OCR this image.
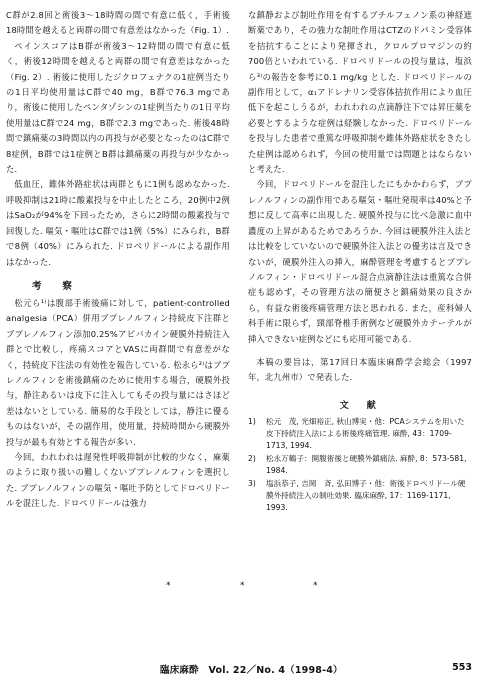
C群が2.8回と術後3～18時間の間で有意に低く，手術後18時間を越えると両群の間で有意差はなかった（Fig. 1）.

ペインスコアはB群が術後3～12時間の間で有意に低く，術後12時間を越えると両群の間で有意差はなかった（Fig. 2）. 術後に使用したジクロフェナクの1症例当たりの1日平均使用量はC群で40 mg，B群で76.3 mgであり，術後に使用したペンタゾシンの1症例当たりの1日平均使用量はC群で24 mg，B群で2.3 mgであった. 術後48時間で鎮痛薬の3時間以内の再投与が必要となったのはC群で8症例，B群では1症例とB群は鎮痛薬の再投与が少なかった.

低血圧，錐体外路症状は両群ともに1例も認めなかった. 呼吸抑制は21時に酸素投与を中止したところ，20例中2例はSaO₂が94%を下回ったため，さらに2時間の酸素投与で回復した. 嘔気・嘔吐はC群では1例（5%）にみられ，B群で8例（40%）にみられた. ドロペリドールによる副作用はなかった.

考　察

松元ら¹⁾は腹部手術後痛に対して，patient-controlled analgesia（PCA）併用ブプレノルフィン持続皮下注群とブプレノルフィン添加0.25%アピバカイン硬膜外持続注入群とで比較し，疼痛スコアとVASに両群間で有意差がなく，持続皮下注法の有効性を報告している. 松永ら²⁾はブプレノルフィンを術後鎮痛のために使用する場合，硬膜外投与，静注あるいは皮下に注入してもその投与量にはさほど差はないとしている. 簡易的な手段としては，静注に優るものはないが，その副作用，使用量，持続時間から硬膜外投与が最も有効とする報告が多い.

今回，われわれは遅発性呼吸抑制が比較的少なく，麻薬のように取り扱いの難しくないブプレノルフィンを選択した. ブプレノルフィンの嘔気・嘔吐予防としてドロペリドールを混注した. ドロペリドールは強力

な鎮静および制吐作用を有するブチルフェノン系の神経遮断薬であり，その強力な制吐作用はCTZのドパミン受容体を拮抗することにより発揮され，クロルプロマジンの約700倍といわれている. ドロペリドールの投与量は，塩浜ら³⁾の報告を参考に0.1 mg/kg とした. ドロペリドールの副作用として，α₁アドレナリン受容体拮抗作用により血圧低下を起こしうるが，われわれの点滴静注下では昇圧薬を必要とするような症例は経験しなかった. ドロペリドールを投与した患者で重篤な呼吸抑制や錐体外路症状をきたした症例は認められず，今回の使用量では問題とはならないと考えた.

今回，ドロペリドールを混注したにもかかわらず，ブプレノルフィンの副作用である嘔気・嘔吐発現率は40%と予想に反して高率に出現した. 硬膜外投与に比べ急激に血中濃度の上昇があるためであろうか. 今回は硬膜外注入法とは比較をしていないので硬膜外注入法との優劣は言及できないが，硬膜外注入の挿入，麻酔管理を考慮するとブプレノルフィン・ドロペリドール混合点滴静注法は重篤な合併症も認めず，その管理方法の簡便さと鎮痛効果の良さから，有益な術後疼痛管理方法と思われる. また，産科婦人科手術に限らず，頸部脊椎手術例など硬膜外カテーテルが挿入できない症例などにも応用可能である.

本稿の要旨は，第17回日本臨床麻酔学会総会（1997年，北九州市）で発表した.

文　献
1)	松元　茂, 光畑裕正, 秋山博実・他：PCAシステムを用いた皮下持続注入法による術後疼痛管理. 麻酔, 43：1709-1713, 1994.
2)	松永万鶴子：開腹術後と硬膜外鎮痛法. 麻酔, 8：573-581, 1984.
3)	塩浜恭子, 吉岡　斉, 弘田博子・他：術後ドロペリドール硬膜外持続注入の制吐効果. 臨床麻酔, 17：1169-1171, 1993.
*	*	*
臨床麻酔　Vol. 22／No. 4（1998-4）	553
